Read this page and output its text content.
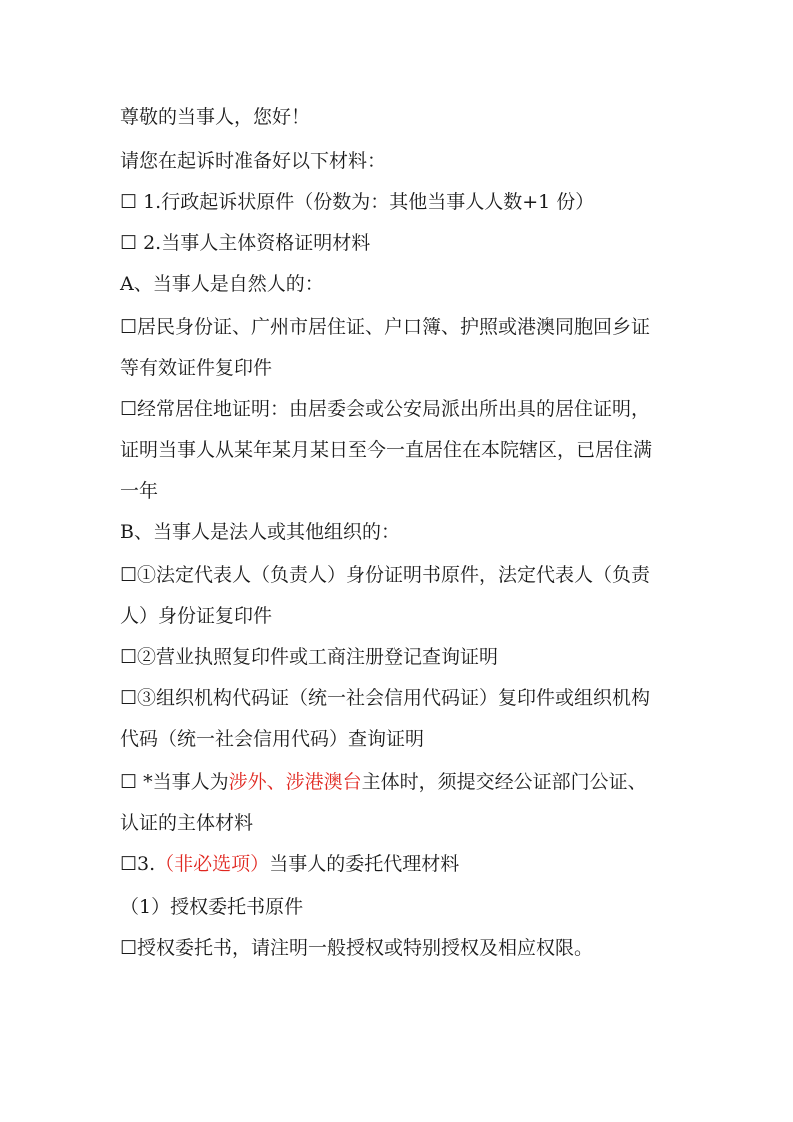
尊敬的当事人，您好！
请您在起诉时准备好以下材料：
☐ 1.行政起诉状原件（份数为：其他当事人人数+1 份）
☐ 2.当事人主体资格证明材料
A、当事人是自然人的：
☐居民身份证、广州市居住证、户口簿、护照或港澳同胞回乡证
等有效证件复印件
☐经常居住地证明：由居委会或公安局派出所出具的居住证明，
证明当事人从某年某月某日至今一直居住在本院辖区，已居住满
一年
B、当事人是法人或其他组织的：
☐①法定代表人（负责人）身份证明书原件，法定代表人（负责
人）身份证复印件
☐②营业执照复印件或工商注册登记查询证明
☐③组织机构代码证（统一社会信用代码证）复印件或组织机构
代码（统一社会信用代码）查询证明
☐ *当事人为涉外、涉港澳台主体时，须提交经公证部门公证、
认证的主体材料
☐3.（非必选项）当事人的委托代理材料
（1）授权委托书原件
☐授权委托书，请注明一般授权或特别授权及相应权限。
